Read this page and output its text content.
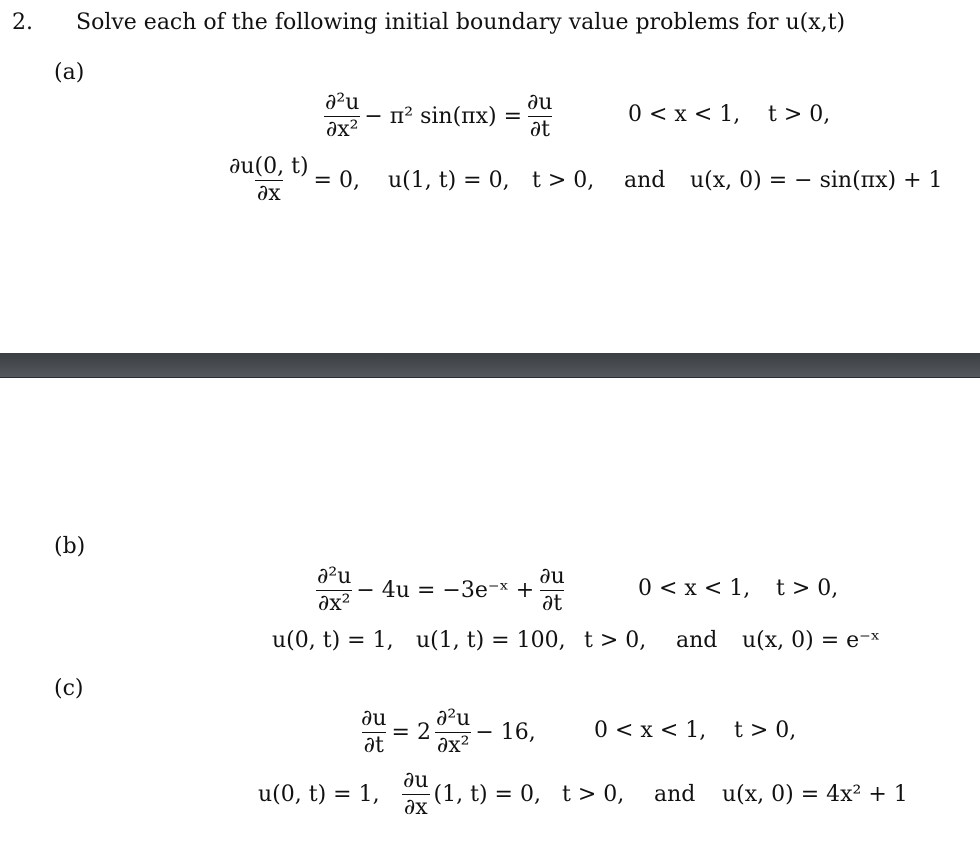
2. Solve each of the following initial boundary value problems for u(x,t)
(a)
$\frac{\text{∂²u}}{\text{∂x²}} - \pi^2$ $\sin(\pi x) = \frac{\partial u}{\partial t}$	0 < x < 1, t > 0,
$\frac{\partial u(0, t)}{\partial x} = 0$, u(1, t) = 0, t > 0, and u(x, 0) = − sin(πx) + 1
(b)
$\frac{\text{∂²u}}{\text{∂x²}} - 4u$ = −3e⁻ˣ + $\frac{\partial u}{\partial t}$	0 < x < 1, t > 0,
u(0, t) = 1, u(1, t) = 100, t > 0, and u(x, 0) = e⁻ˣ
(c)
$\frac{\partial u}{\partial t} = 2 \frac{\text{∂²u}}{\text{∂x²}} - 16$,	0 < x < 1, t > 0,
u(0, t) = 1, $\frac{\partial u}{\partial x} (1$, t) = 0, t > 0, and u(x, 0) = 4x² + 1
